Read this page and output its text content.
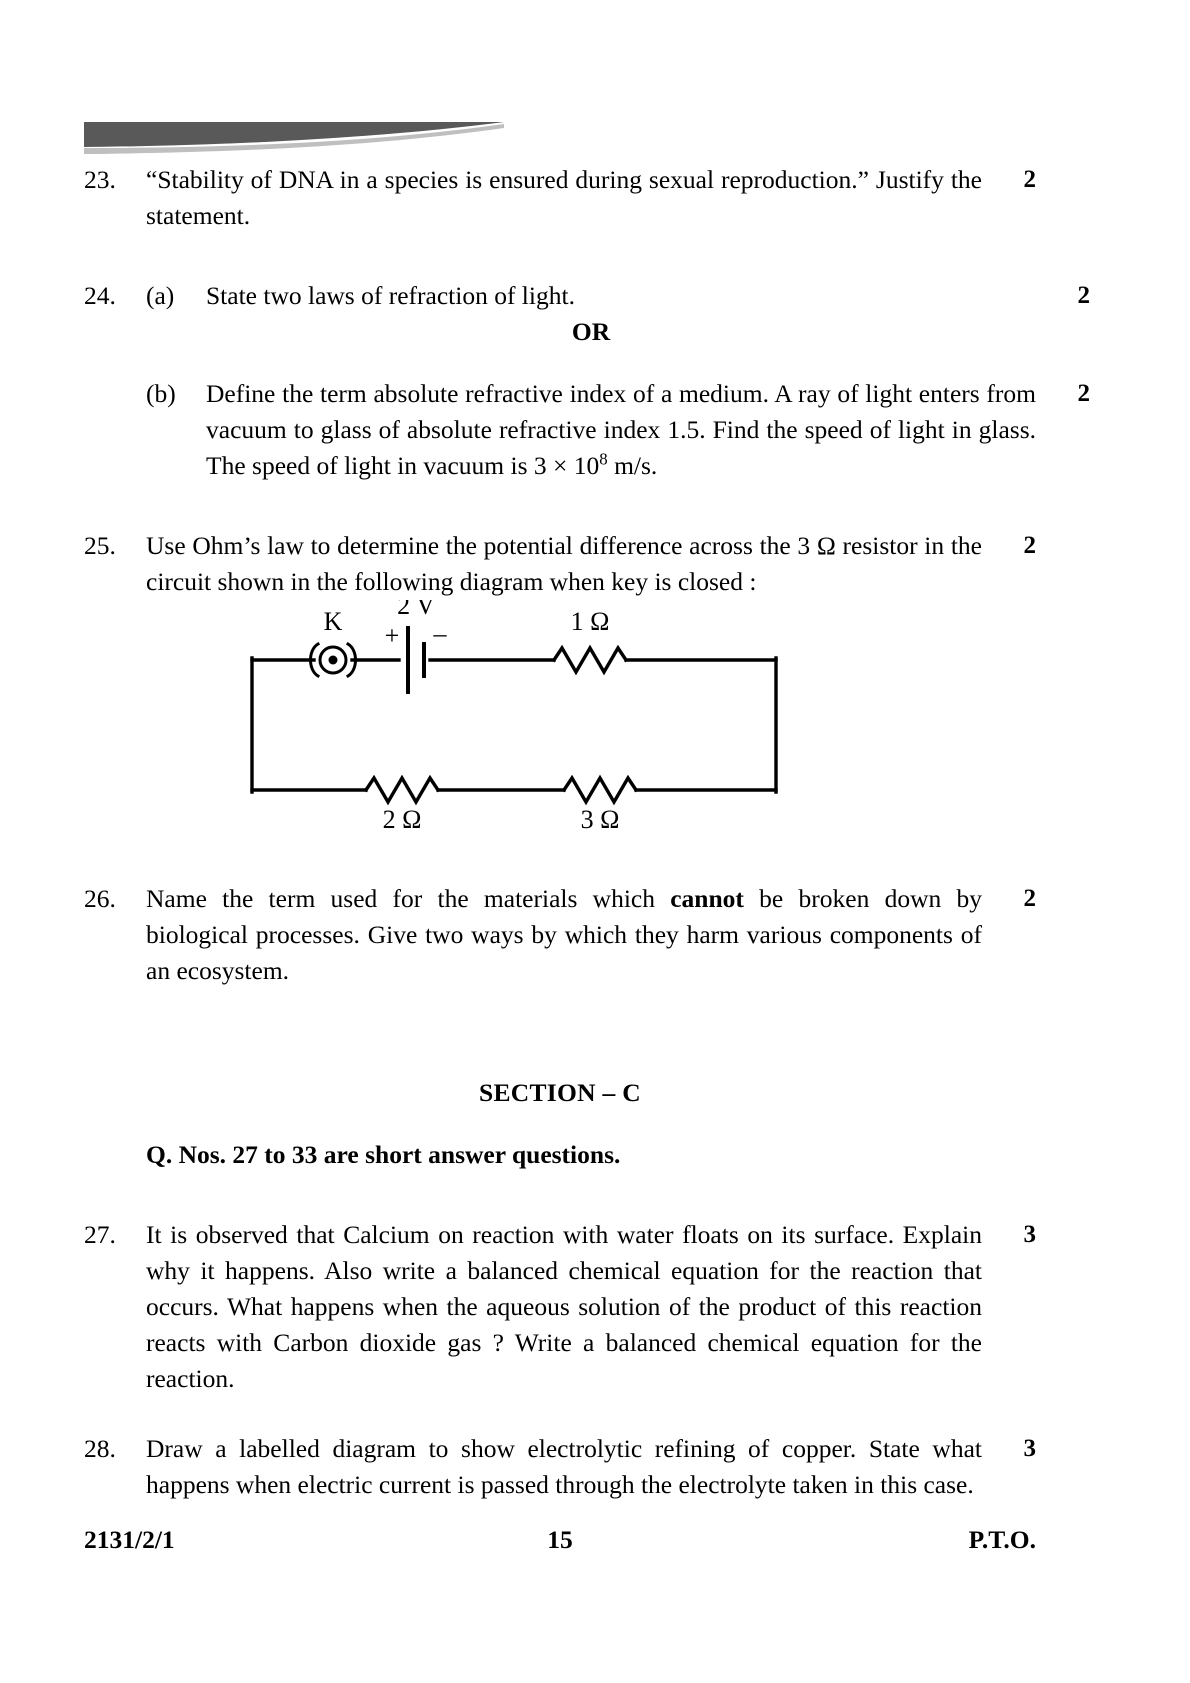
23.	“Stability of DNA in a species is ensured during sexual reproduction.” Justify the statement.
2
24.	(a)	State two laws of refraction of light.	2
OR
(b)	Define the term absolute refractive index of a medium. A ray of light enters from vacuum to glass of absolute refractive index 1.5. Find the speed of light in glass. The speed of light in vacuum is $3 \times 10^8$ m/s.
2
25.	Use Ohm’s law to determine the potential difference across the 3 Ω resistor in the circuit shown in the following diagram when key is closed :
2
K
2 V
+ –	1 Ω
2 Ω	3 Ω
26.	Name the term used for the materials which cannot be broken down by biological processes. Give two ways by which they harm various components of an ecosystem.
2
SECTION – C
Q. Nos. 27 to 33 are short answer questions.
27.	It is observed that Calcium on reaction with water floats on its surface. Explain why it happens. Also write a balanced chemical equation for the reaction that occurs. What happens when the aqueous solution of the product of this reaction reacts with Carbon dioxide gas ? Write a balanced chemical equation for the reaction.
3
28.	Draw a labelled diagram to show electrolytic refining of copper. State what happens when electric current is passed through the electrolyte taken in this case.
3
2131/2/1	15	P.T.O.
